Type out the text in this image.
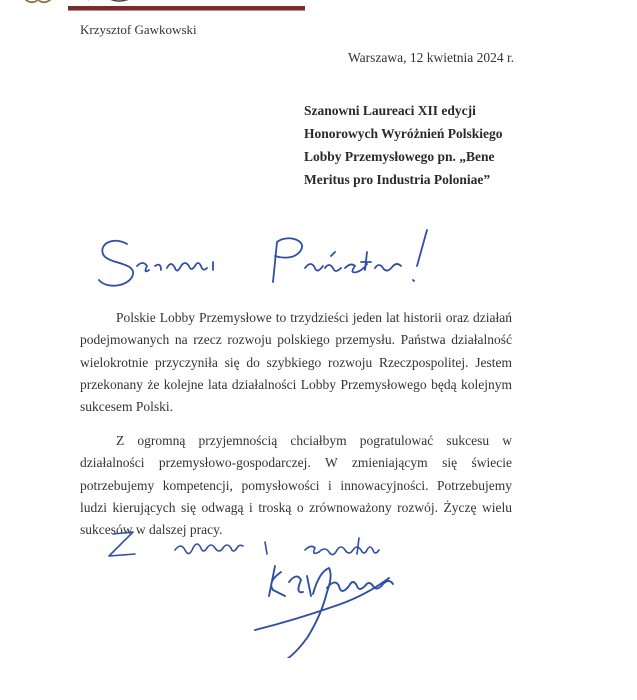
Krzysztof Gawkowski
Warszawa, 12 kwietnia 2024 r.
Szanowni Laureaci XII edycji
Honorowych Wyróżnień Polskiego
Lobby Przemysłowego pn. „Bene
Meritus pro Industria Poloniae”

Polskie Lobby Przemysłowe to trzydzieści jeden lat historii oraz działań podejmowanych na rzecz rozwoju polskiego przemysłu. Państwa działalność wielokrotnie przyczyniła się do szybkiego rozwoju Rzeczpospolitej. Jestem przekonany że kolejne lata działalności Lobby Przemysłowego będą kolejnym sukcesem Polski.

Z ogromną przyjemnością chciałbym pogratulować sukcesu w działalności przemysłowo-gospodarczej. W zmieniającym się świecie potrzebujemy kompetencji, pomysłowości i innowacyjności. Potrzebujemy ludzi kierujących się odwagą i troską o zrównoważony rozwój. Życzę wielu sukcesów w dalszej pracy.
